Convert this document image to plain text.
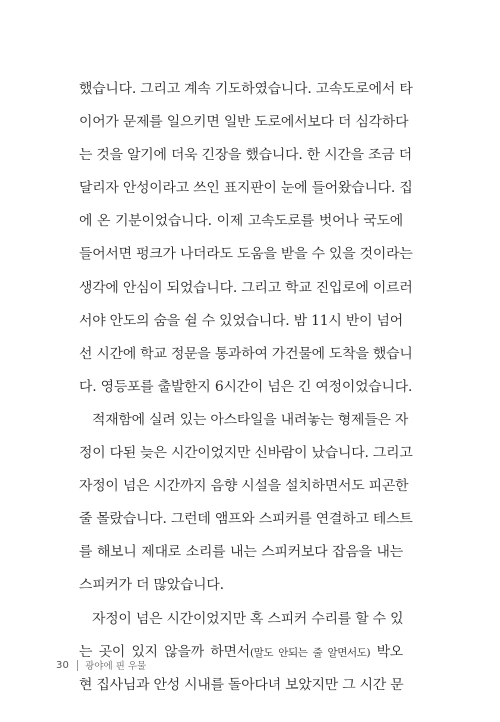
했습니다. 그리고 계속 기도하였습니다. 고속도로에서 타
이어가 문제를 일으키면 일반 도로에서보다 더 심각하다
는 것을 알기에 더욱 긴장을 했습니다. 한 시간을 조금 더
달리자 안성이라고 쓰인 표지판이 눈에 들어왔습니다. 집
에 온 기분이었습니다. 이제 고속도로를 벗어나 국도에
들어서면 펑크가 나더라도 도움을 받을 수 있을 것이라는
생각에 안심이 되었습니다. 그리고 학교 진입로에 이르러
서야 안도의 숨을 쉴 수 있었습니다. 밤 11시 반이 넘어
선 시간에 학교 정문을 통과하여 가건물에 도착을 했습니
다. 영등포를 출발한지 6시간이 넘은 긴 여정이었습니다.
적재함에 실려 있는 아스타일을 내려놓는 형제들은 자
정이 다된 늦은 시간이었지만 신바람이 났습니다. 그리고
자정이 넘은 시간까지 음향 시설을 설치하면서도 피곤한
줄 몰랐습니다. 그런데 앰프와 스피커를 연결하고 테스트
를 해보니 제대로 소리를 내는 스피커보다 잡음을 내는
스피커가 더 많았습니다.
자정이 넘은 시간이었지만 혹 스피커 수리를 할 수 있
는 곳이 있지 않을까 하면서(말도 안되는 줄 알면서도) 박오
현 집사님과 안성 시내를 돌아다녀 보았지만 그 시간 문
30 광야에 핀 우물
